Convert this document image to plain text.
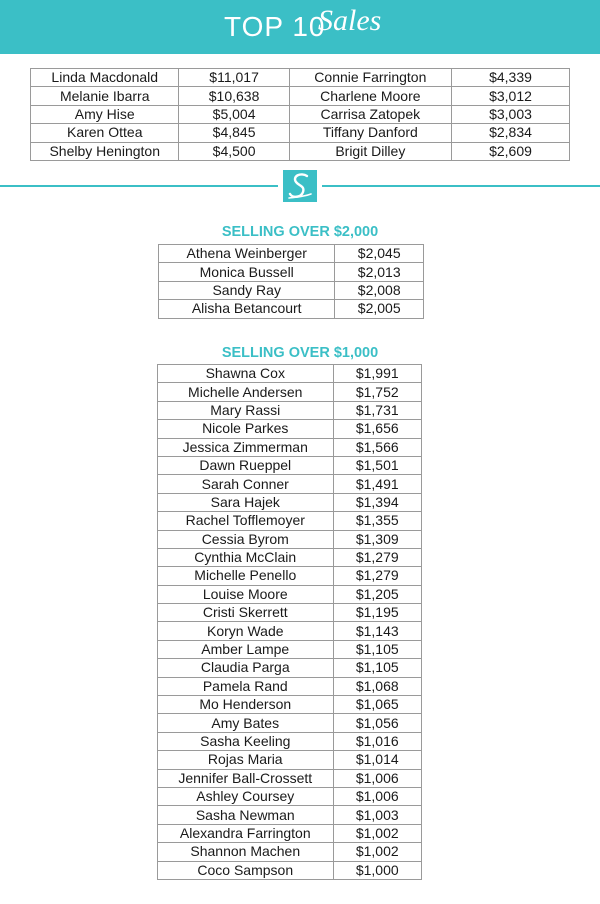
TOP 10
Sales
Linda Macdonald	$11,017	Connie Farrington	$4,339
Melanie Ibarra	$10,638	Charlene Moore	$3,012
Amy Hise	$5,004	Carrisa Zatopek	$3,003
Karen Ottea	$4,845	Tiffany Danford	$2,834
Shelby Henington	$4,500	Brigit Dilley	$2,609
SELLING OVER $2,000
Athena Weinberger	$2,045
Monica Bussell	$2,013
Sandy Ray	$2,008
Alisha Betancourt	$2,005
SELLING OVER $1,000
Shawna Cox	$1,991
Michelle Andersen	$1,752
Mary Rassi	$1,731
Nicole Parkes	$1,656
Jessica Zimmerman	$1,566
Dawn Rueppel	$1,501
Sarah Conner	$1,491
Sara Hajek	$1,394
Rachel Tofflemoyer	$1,355
Cessia Byrom	$1,309
Cynthia McClain	$1,279
Michelle Penello	$1,279
Louise Moore	$1,205
Cristi Skerrett	$1,195
Koryn Wade	$1,143
Amber Lampe	$1,105
Claudia Parga	$1,105
Pamela Rand	$1,068
Mo Henderson	$1,065
Amy Bates	$1,056
Sasha Keeling	$1,016
Rojas Maria	$1,014
Jennifer Ball-Crossett	$1,006
Ashley Coursey	$1,006
Sasha Newman	$1,003
Alexandra Farrington	$1,002
Shannon Machen	$1,002
Coco Sampson	$1,000
